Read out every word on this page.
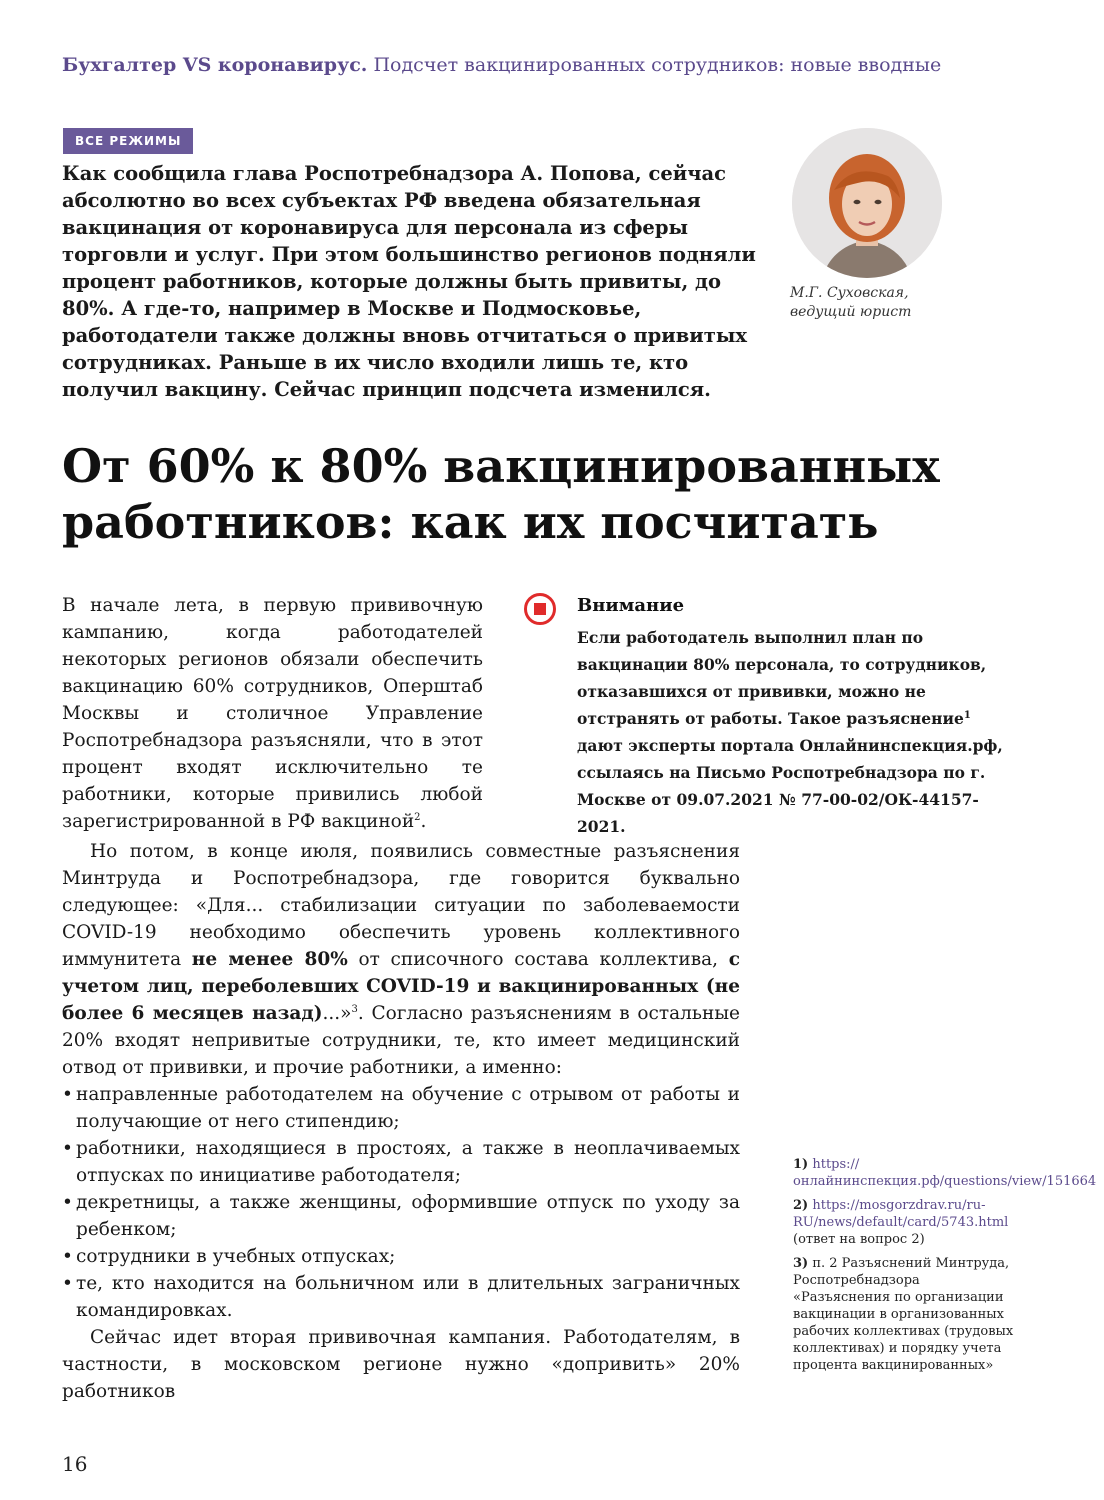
Бухгалтер VS коронавирус. Подсчет вакцинированных сотрудников: новые вводные
ВСЕ РЕЖИМЫ

Как сообщила глава Роспотребнадзора А. Попова, сейчас абсолютно во всех субъектах РФ введена обязательная вакцинация от коронавируса для персонала из сферы торговли и услуг. При этом большинство регионов подняли процент работников, которые должны быть привиты, до 80%. А где-то, например в Москве и Подмосковье, работодатели также должны вновь отчитаться о привитых сотрудниках. Раньше в их число входили лишь те, кто получил вакцину. Сейчас принцип подсчета изменился.

М.Г. Суховская,
ведущий юрист
От 60% к 80% вакцинированных
работников: как их посчитать

В начале лета, в первую прививочную кампанию, когда работодателей некоторых регионов обязали обеспечить вакцинацию 60% сотрудников, Оперштаб Москвы и столичное Управление Роспотребнадзора разъясняли, что в этот процент входят исключительно те работники, которые привились любой зарегистрированной в РФ вакциной$^2$.

Внимание

Если работодатель выполнил план по вакцинации 80% персонала, то сотрудников, отказавшихся от прививки, можно не отстранять от работы. Такое разъяснение$^1$ дают эксперты портала Онлайнинспекция.рф, ссылаясь на Письмо Роспотребнадзора по г. Москве от 09.07.2021 № 77-00-02/ОК-44157-2021.

Но потом, в конце июля, появились совместные разъяснения Минтруда и Роспотребнадзора, где говорится буквально следующее: «Для... стабилизации ситуации по заболеваемости COVID-19 необходимо обеспечить уровень коллективного иммунитета не менее 80% от списочного состава коллектива, с учетом лиц, переболевших COVID-19 и вакцинированных (не более 6 месяцев назад)...»$^3$. Согласно разъяснениям в остальные 20% входят непривитые сотрудники, те, кто имеет медицинский отвод от прививки, и прочие работники, а именно:

• направленные работодателем на обучение с отрывом от работы и получающие от него стипендию;
• работники, находящиеся в простоях, а также в неоплачиваемых отпусках по инициативе работодателя;
• декретницы, а также женщины, оформившие отпуск по уходу за ребенком;
• сотрудники в учебных отпусках;
• те, кто находится на больничном или в длительных заграничных командировках.

Сейчас идет вторая прививочная кампания. Работодателям, в частности, в московском регионе нужно «допривить» 20% работников

1) https://онлайнинспекция.рф/questions/view/151664
2) https://mosgorzdrav.ru/ru-RU/news/default/card/5743.html
(ответ на вопрос 2)
3) п. 2 Разъяснений Минтруда, Роспотребнадзора «Разъяснения по организации вакцинации в организованных рабочих коллективах (трудовых коллективах) и порядку учета процента вакцинированных»
16
